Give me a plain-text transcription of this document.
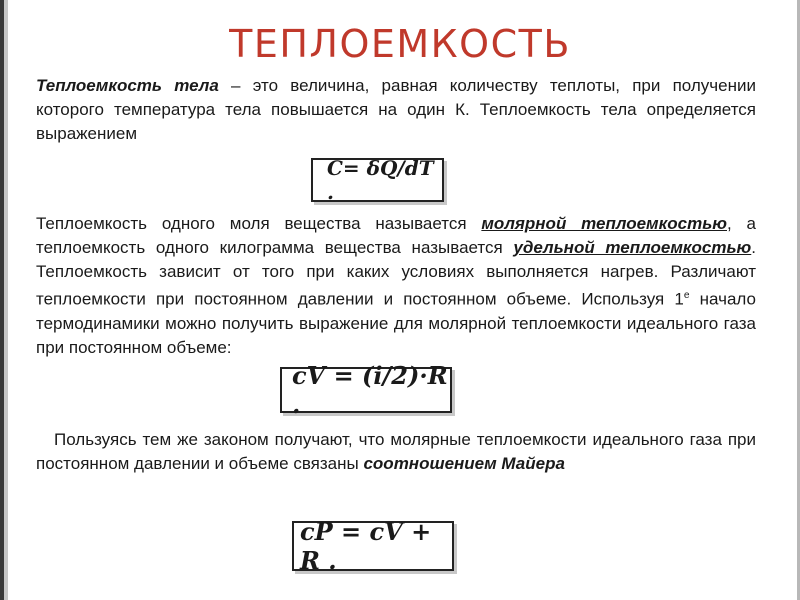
ТЕПЛОЕМКОСТЬ
Теплоемкость тела – это величина, равная количеству теплоты, при получении которого температура тела повышается на один К. Теплоемкость тела определяется выражением
C= δQ/dT .
Теплоемкость одного моля вещества называется молярной теплоемкостью, а теплоемкость одного килограмма вещества называется удельной теплоемкостью. Теплоемкость зависит от того при каких условиях выполняется нагрев. Различают теплоемкости при постоянном давлении и постоянном объеме. Используя $1^е$ начало термодинамики можно получить выражение для молярной теплоемкости идеального газа при постоянном объеме:
cV = (i/2)·R .
Пользуясь тем же законом получают, что молярные теплоемкости идеального газа при постоянном давлении и объеме связаны соотношением Майера
cP = cV + R .
